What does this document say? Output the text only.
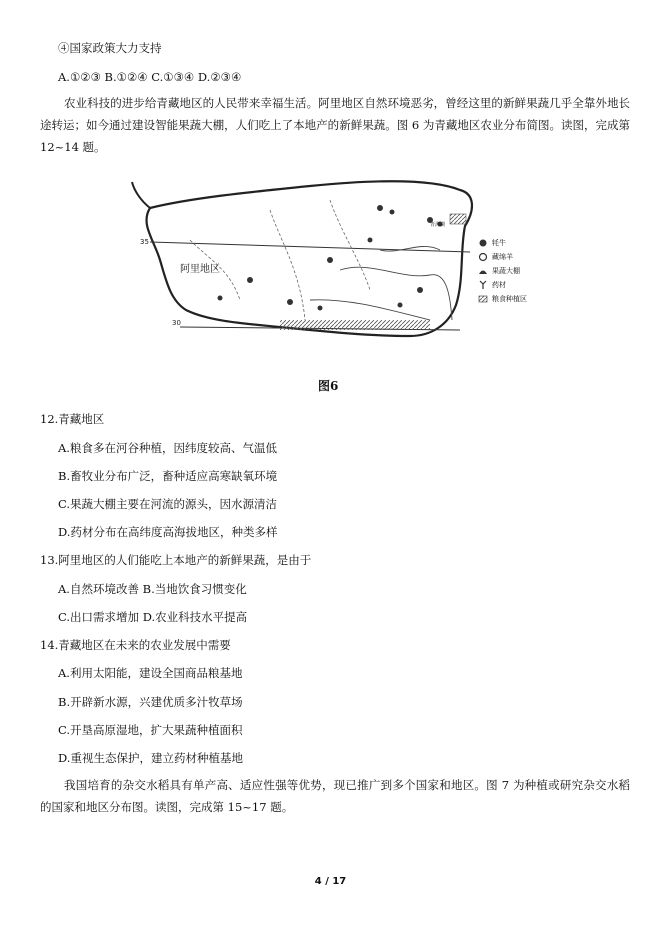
④国家政策大力支持
A.①②③ B.①②④ C.①③④ D.②③④
农业科技的进步给青藏地区的人民带来幸福生活。阿里地区自然环境恶劣，曾经这里的新鲜果蔬几乎全靠外地长途转运；如今通过建设智能果蔬大棚，人们吃上了本地产的新鲜果蔬。图 6 为青藏地区农业分布简图。读图，完成第 12~14 题。
阿里地区
35
30
青海湖
牦牛
藏绵羊
果蔬大棚
药材
粮食种植区
图6
12.青藏地区
A.粮食多在河谷种植，因纬度较高、气温低
B.畜牧业分布广泛，畜种适应高寒缺氧环境
C.果蔬大棚主要在河流的源头，因水源清洁
D.药材分布在高纬度高海拔地区，种类多样
13.阿里地区的人们能吃上本地产的新鲜果蔬，是由于
A.自然环境改善 B.当地饮食习惯变化
C.出口需求增加 D.农业科技水平提高
14.青藏地区在未来的农业发展中需要
A.利用太阳能，建设全国商品粮基地
B.开辟新水源，兴建优质多汁牧草场
C.开垦高原湿地，扩大果蔬种植面积
D.重视生态保护，建立药材种植基地
我国培育的杂交水稻具有单产高、适应性强等优势，现已推广到多个国家和地区。图 7 为种植或研究杂交水稻的国家和地区分布图。读图，完成第 15~17 题。
4 / 17
